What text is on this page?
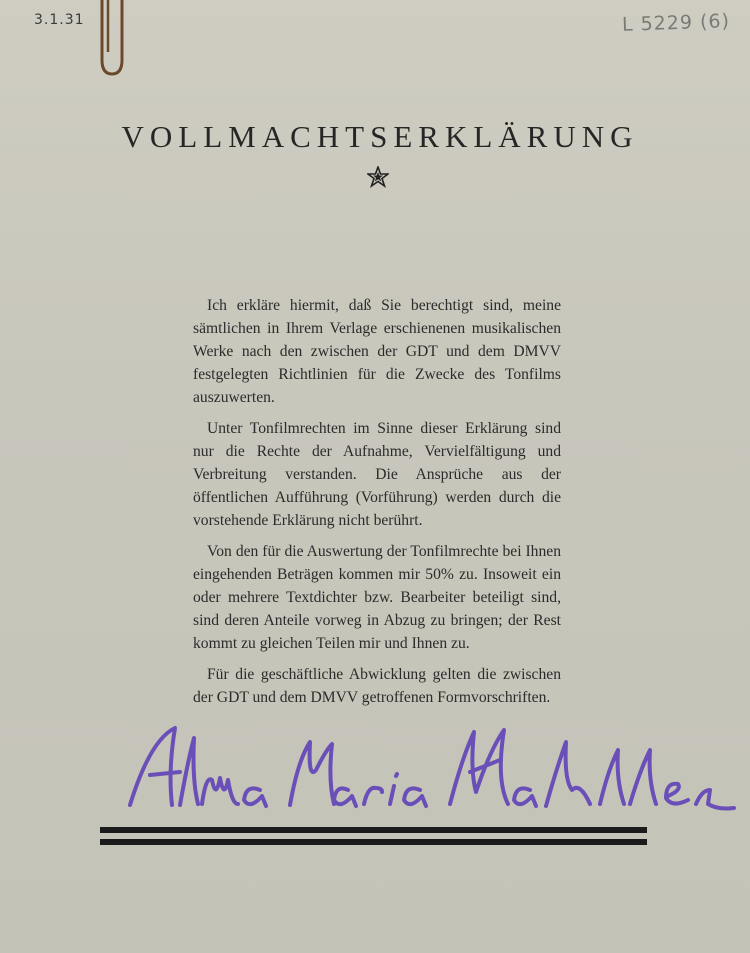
3.1.31	L 5229 (6)
VOLLMACHTSERKLÄRUNG

Ich erkläre hiermit, daß Sie berechtigt sind, meine sämtlichen in Ihrem Verlage erschienenen musikalischen Werke nach den zwischen der GDT und dem DMVV festgelegten Richtlinien für die Zwecke des Tonfilms auszuwerten.

Unter Tonfilmrechten im Sinne dieser Erklärung sind nur die Rechte der Aufnahme, Vervielfältigung und Verbreitung verstanden. Die Ansprüche aus der öffentlichen Aufführung (Vorführung) werden durch die vorstehende Erklärung nicht berührt.

Von den für die Auswertung der Tonfilmrechte bei Ihnen eingehenden Beträgen kommen mir 50% zu. Insoweit ein oder mehrere Textdichter bzw. Bearbeiter beteiligt sind, sind deren Anteile vorweg in Abzug zu bringen; der Rest kommt zu gleichen Teilen mir und Ihnen zu.

Für die geschäftliche Abwicklung gelten die zwischen der GDT und dem DMVV getroffenen Formvorschriften.
